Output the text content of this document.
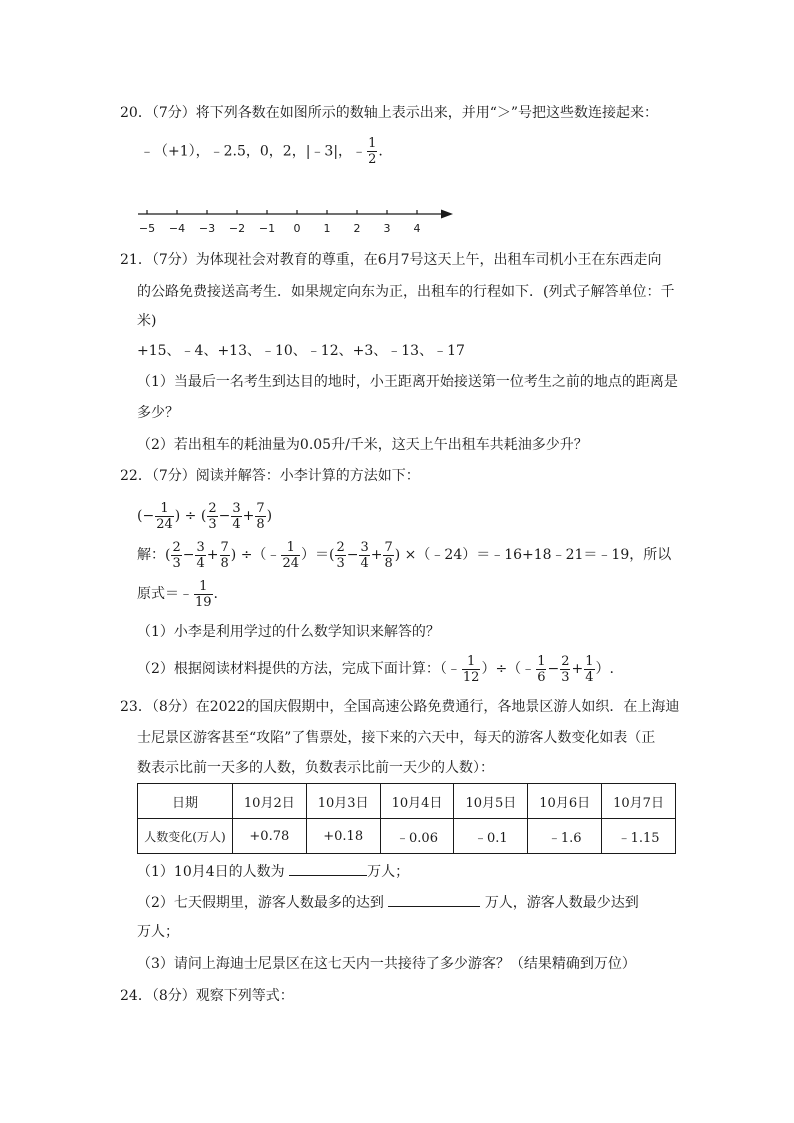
20．（7分）将下列各数在如图所示的数轴上表示出来，并用“＞”号把这些数连接起来：
﹣（+1），﹣2.5，0，2，|﹣3|，﹣ $\frac{1}{2}$ .
−5 −4 −3 −2 −1 0 1 2 3 4
21．（7分）为体现社会对教育的尊重，在6月7号这天上午，出租车司机小王在东西走向
的公路免费接送高考生．如果规定向东为正，出租车的行程如下．(列式子解答单位：千
米)
+15、﹣4、+13、﹣10、﹣12、+3、﹣13、﹣17
（1）当最后一名考生到达目的地时，小王距离开始接送第一位考生之前的地点的距离是
多少？
（2）若出租车的耗油量为0.05升/千米，这天上午出租车共耗油多少升？
22．（7分）阅读并解答：小李计算的方法如下：
(− $\frac{1}{24}$ ) ÷ ( $\frac{2}{3} - \frac{3}{4} + \frac{7}{8}$ )
解：( $\frac{2}{3} - \frac{3}{4} + \frac{7}{8}$ ) ÷（﹣ $\frac{1}{24}$ ）＝( $\frac{2}{3} - \frac{3}{4} + \frac{7}{8}$ ) ×（﹣24）＝﹣16+18﹣21＝﹣19，所以
原式＝﹣ $\frac{1}{19}$ .
（1）小李是利用学过的什么数学知识来解答的？
（2）根据阅读材料提供的方法，完成下面计算：（﹣ $\frac{1}{12}$ ）÷（﹣ $\frac{1}{6} - \frac{2}{3} + \frac{1}{4}$ ）.
23．（8分）在2022的国庆假期中，全国高速公路免费通行，各地景区游人如织．在上海迪
士尼景区游客甚至“攻陷”了售票处，接下来的六天中，每天的游客人数变化如表（正
数表示比前一天多的人数，负数表示比前一天少的人数）：
日期	10月2日	10月3日	10月4日	10月5日	10月6日	10月7日
人数变化(万人)	+0.78	+0.18	﹣0.06	﹣0.1	﹣1.6	﹣1.15
（1）10月4日的人数为	万人；
（2）七天假期里，游客人数最多的达到	万人，游客人数最少达到
万人；
（3）请问上海迪士尼景区在这七天内一共接待了多少游客？（结果精确到万位）
24．（8分）观察下列等式：
